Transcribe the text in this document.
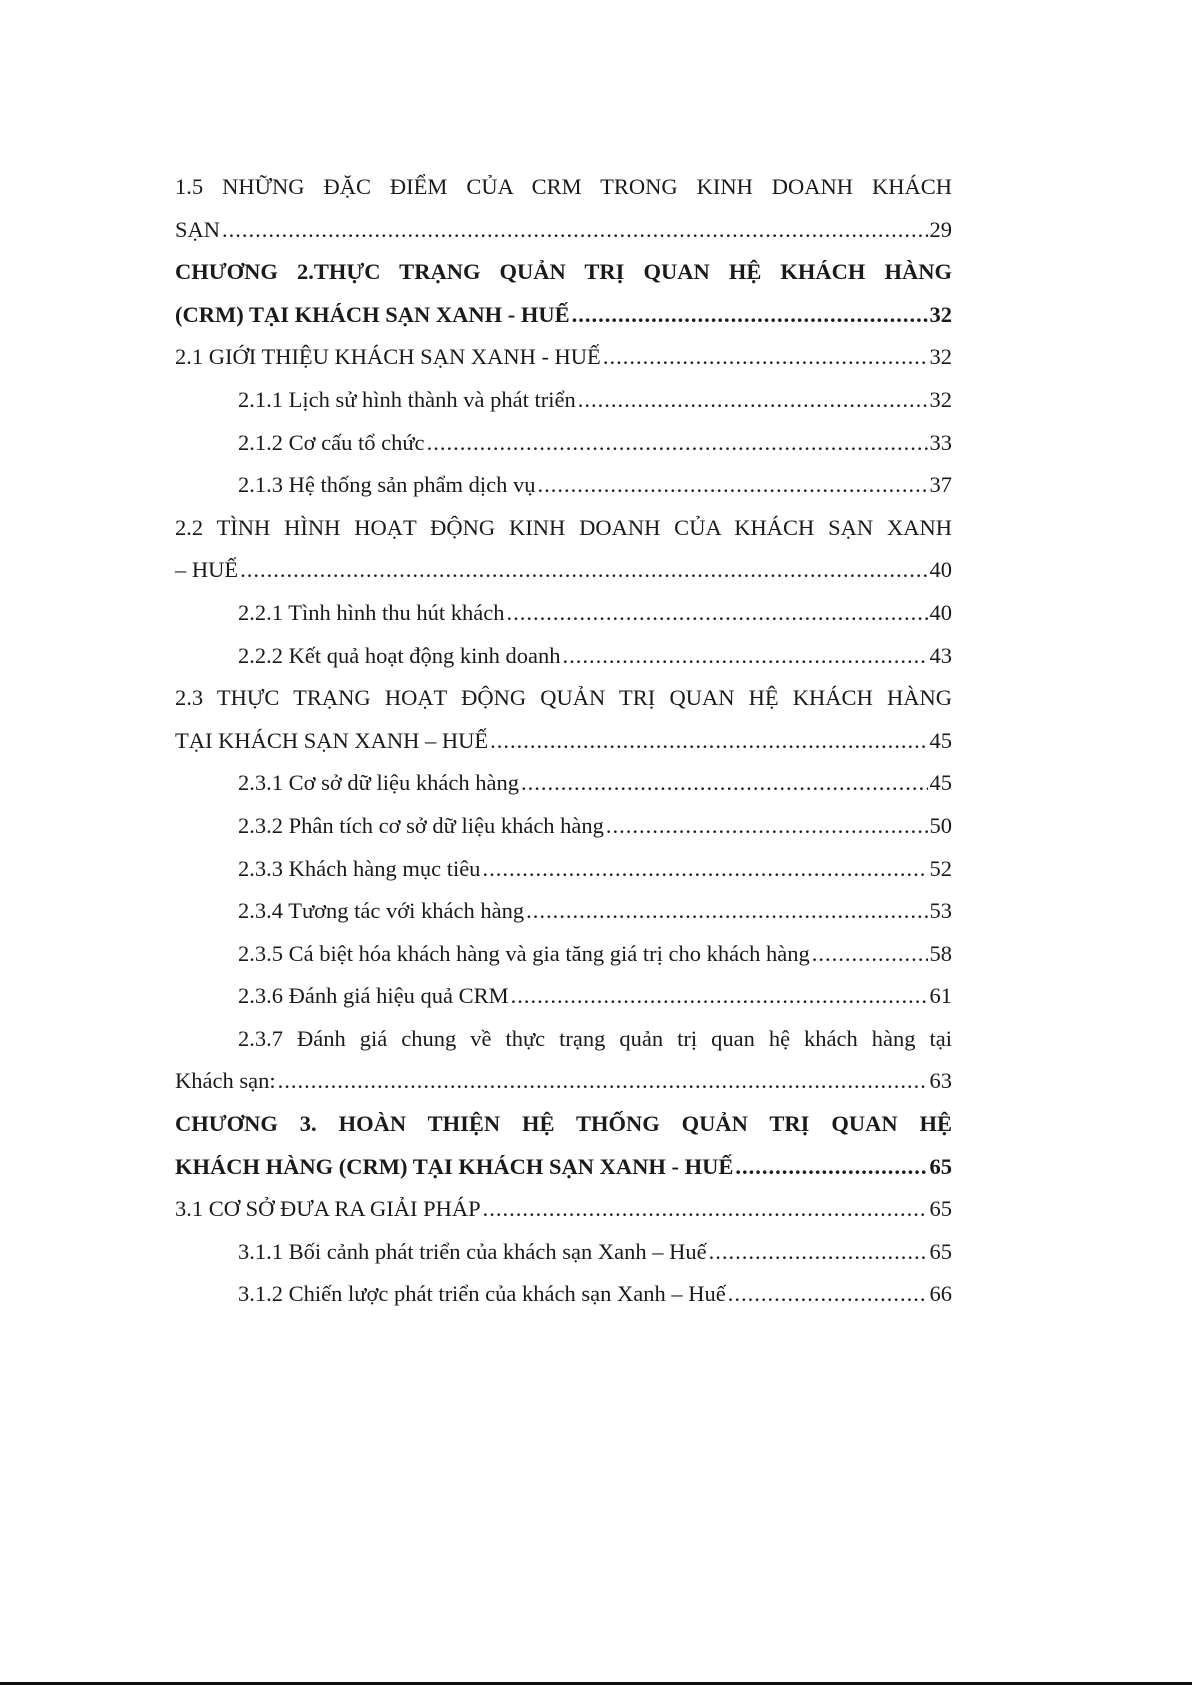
1.5 NHỮNG ĐẶC ĐIỂM CỦA CRM TRONG KINH DOANH KHÁCH
SẠN .....	29
CHƯƠNG 2.THỰC TRẠNG QUẢN TRỊ QUAN HỆ KHÁCH HÀNG
(CRM) TẠI KHÁCH SẠN XANH - HUẾ .....	32
2.1 GIỚI THIỆU KHÁCH SẠN XANH - HUẾ .....	32
2.1.1 Lịch sử hình thành và phát triển .....	32
2.1.2 Cơ cấu tổ chức .....	33
2.1.3 Hệ thống sản phẩm dịch vụ .....	37
2.2 TÌNH HÌNH HOẠT ĐỘNG KINH DOANH CỦA KHÁCH SẠN XANH
– HUẾ .....	40
2.2.1 Tình hình thu hút khách .....	40
2.2.2 Kết quả hoạt động kinh doanh .....	43
2.3 THỰC TRẠNG HOẠT ĐỘNG QUẢN TRỊ QUAN HỆ KHÁCH HÀNG
TẠI KHÁCH SẠN XANH – HUẾ .....	45
2.3.1 Cơ sở dữ liệu khách hàng .....	45
2.3.2 Phân tích cơ sở dữ liệu khách hàng .....	50
2.3.3 Khách hàng mục tiêu .....	52
2.3.4 Tương tác với khách hàng .....	53
2.3.5 Cá biệt hóa khách hàng và gia tăng giá trị cho khách hàng .....	58
2.3.6 Đánh giá hiệu quả CRM .....	61
2.3.7 Đánh giá chung về thực trạng quản trị quan hệ khách hàng tại
Khách sạn: .....	63
CHƯƠNG 3. HOÀN THIỆN HỆ THỐNG QUẢN TRỊ QUAN HỆ
KHÁCH HÀNG (CRM) TẠI KHÁCH SẠN XANH - HUẾ .....	65
3.1 CƠ SỞ ĐƯA RA GIẢI PHÁP .....	65
3.1.1 Bối cảnh phát triển của khách sạn Xanh – Huế .....	65
3.1.2 Chiến lược phát triển của khách sạn Xanh – Huế .....	66
